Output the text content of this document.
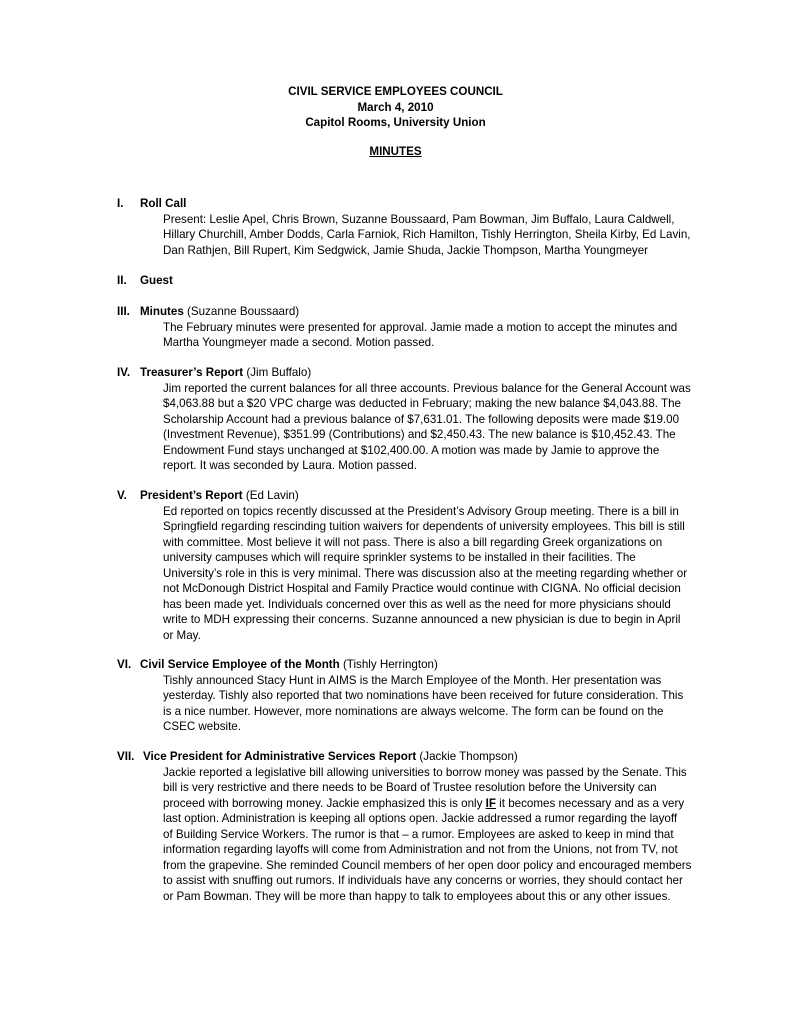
CIVIL SERVICE EMPLOYEES COUNCIL
March 4, 2010
Capitol Rooms, University Union
MINUTES
I. Roll Call
Present: Leslie Apel, Chris Brown, Suzanne Boussaard, Pam Bowman, Jim Buffalo, Laura Caldwell,
Hillary Churchill, Amber Dodds, Carla Farniok, Rich Hamilton, Tishly Herrington, Sheila Kirby, Ed Lavin,
Dan Rathjen, Bill Rupert, Kim Sedgwick, Jamie Shuda, Jackie Thompson, Martha Youngmeyer
II. Guest
III. Minutes (Suzanne Boussaard)
The February minutes were presented for approval. Jamie made a motion to accept the minutes and
Martha Youngmeyer made a second. Motion passed.
IV. Treasurer’s Report (Jim Buffalo)
Jim reported the current balances for all three accounts. Previous balance for the General Account was
$4,063.88 but a $20 VPC charge was deducted in February; making the new balance $4,043.88. The
Scholarship Account had a previous balance of $7,631.01. The following deposits were made $19.00
(Investment Revenue), $351.99 (Contributions) and $2,450.43. The new balance is $10,452.43. The
Endowment Fund stays unchanged at $102,400.00. A motion was made by Jamie to approve the
report. It was seconded by Laura. Motion passed.
V. President’s Report (Ed Lavin)
Ed reported on topics recently discussed at the President’s Advisory Group meeting. There is a bill in
Springfield regarding rescinding tuition waivers for dependents of university employees. This bill is still
with committee. Most believe it will not pass. There is also a bill regarding Greek organizations on
university campuses which will require sprinkler systems to be installed in their facilities. The
University’s role in this is very minimal. There was discussion also at the meeting regarding whether or
not McDonough District Hospital and Family Practice would continue with CIGNA. No official decision
has been made yet. Individuals concerned over this as well as the need for more physicians should
write to MDH expressing their concerns. Suzanne announced a new physician is due to begin in April
or May.
VI. Civil Service Employee of the Month (Tishly Herrington)
Tishly announced Stacy Hunt in AIMS is the March Employee of the Month. Her presentation was
yesterday. Tishly also reported that two nominations have been received for future consideration. This
is a nice number. However, more nominations are always welcome. The form can be found on the
CSEC website.
VII. Vice President for Administrative Services Report (Jackie Thompson)
Jackie reported a legislative bill allowing universities to borrow money was passed by the Senate. This
bill is very restrictive and there needs to be Board of Trustee resolution before the University can
proceed with borrowing money. Jackie emphasized this is only IF it becomes necessary and as a very
last option. Administration is keeping all options open. Jackie addressed a rumor regarding the layoff
of Building Service Workers. The rumor is that – a rumor. Employees are asked to keep in mind that
information regarding layoffs will come from Administration and not from the Unions, not from TV, not
from the grapevine. She reminded Council members of her open door policy and encouraged members
to assist with snuffing out rumors. If individuals have any concerns or worries, they should contact her
or Pam Bowman. They will be more than happy to talk to employees about this or any other issues.
